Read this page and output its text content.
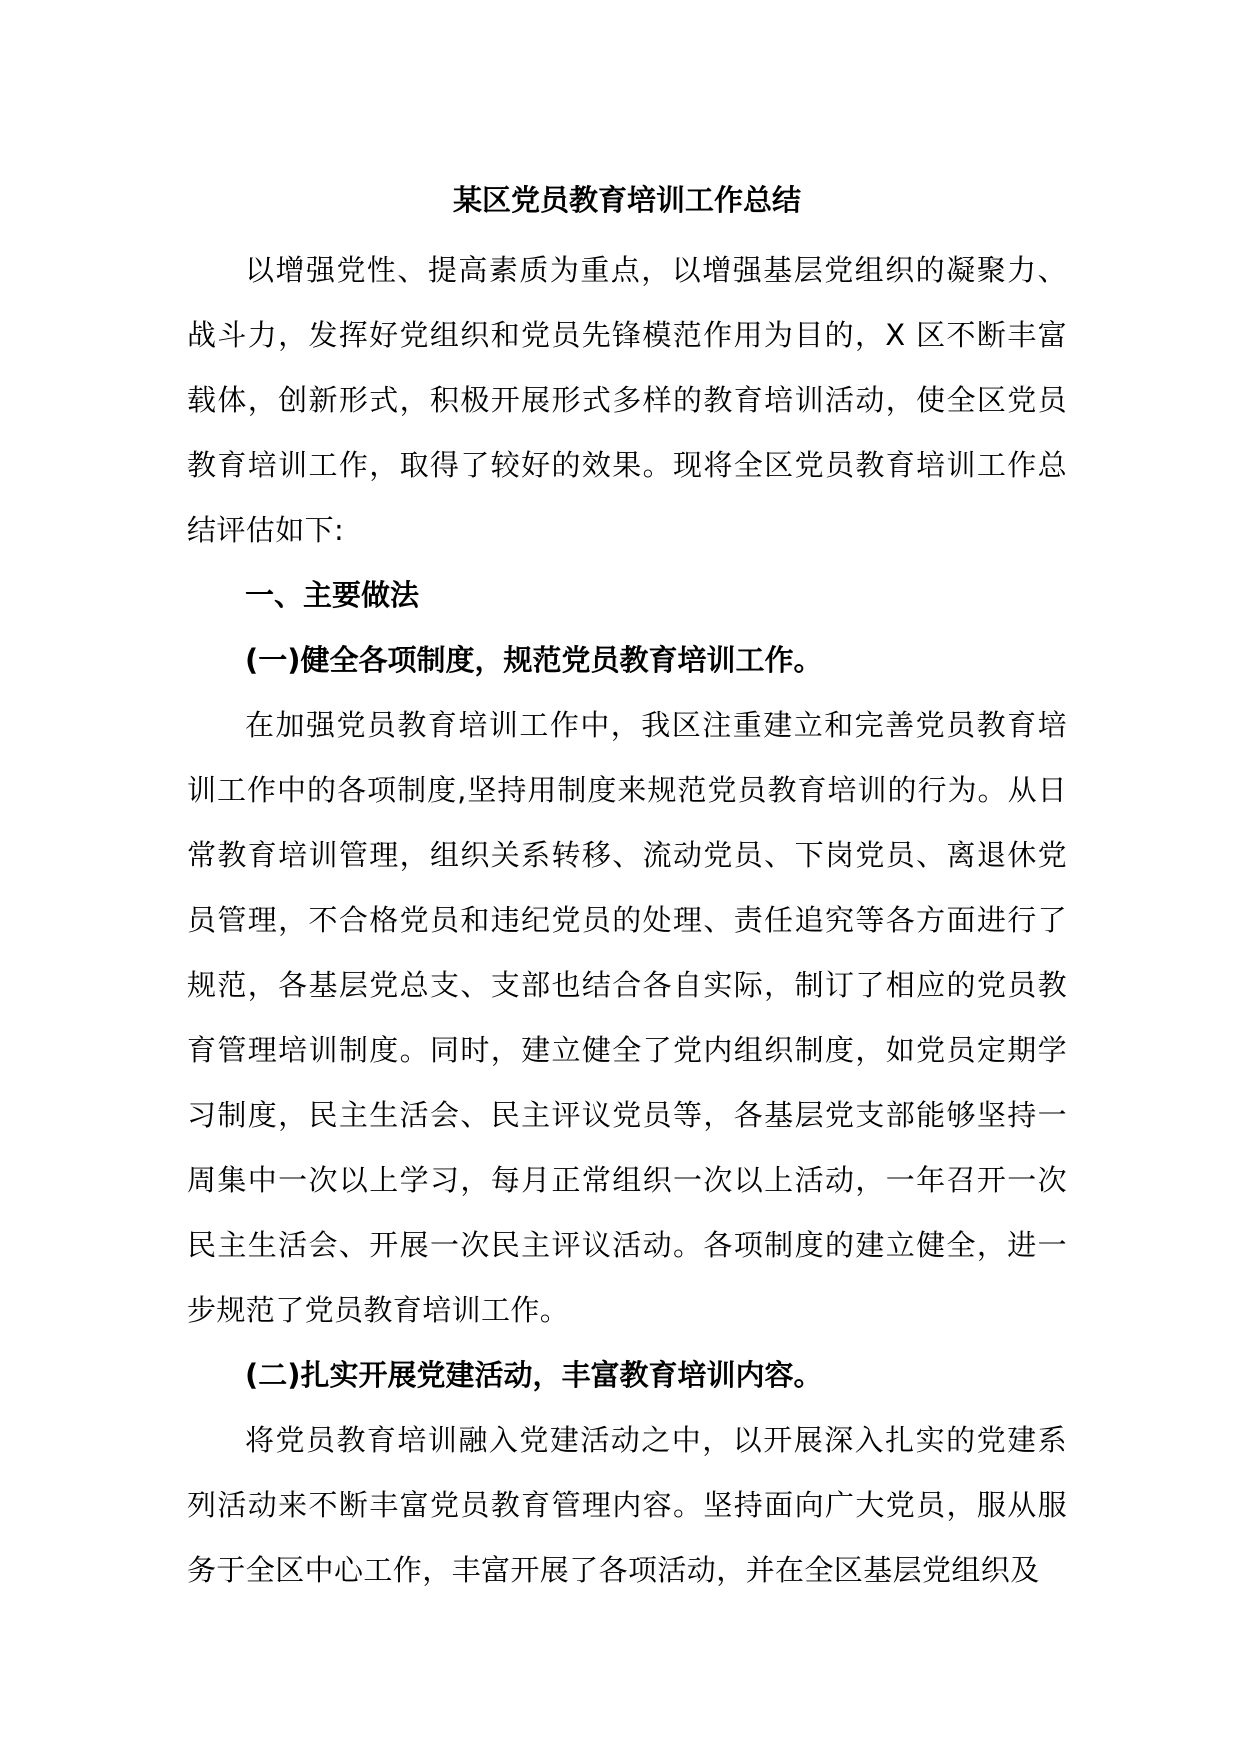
某区党员教育培训工作总结

以增强党性、提高素质为重点，以增强基层党组织的凝聚力、战斗力，发挥好党组织和党员先锋模范作用为目的，X 区不断丰富载体，创新形式，积极开展形式多样的教育培训活动，使全区党员教育培训工作，取得了较好的效果。现将全区党员教育培训工作总结评估如下:

一、主要做法

(一)健全各项制度，规范党员教育培训工作。

在加强党员教育培训工作中，我区注重建立和完善党员教育培训工作中的各项制度,坚持用制度来规范党员教育培训的行为。从日常教育培训管理，组织关系转移、流动党员、下岗党员、离退休党员管理，不合格党员和违纪党员的处理、责任追究等各方面进行了规范，各基层党总支、支部也结合各自实际，制订了相应的党员教育管理培训制度。同时，建立健全了党内组织制度，如党员定期学习制度，民主生活会、民主评议党员等，各基层党支部能够坚持一周集中一次以上学习，每月正常组织一次以上活动，一年召开一次民主生活会、开展一次民主评议活动。各项制度的建立健全，进一步规范了党员教育培训工作。

(二)扎实开展党建活动，丰富教育培训内容。

将党员教育培训融入党建活动之中，以开展深入扎实的党建系列活动来不断丰富党员教育管理内容。坚持面向广大党员，服从服务于全区中心工作，丰富开展了各项活动，并在全区基层党组织及
